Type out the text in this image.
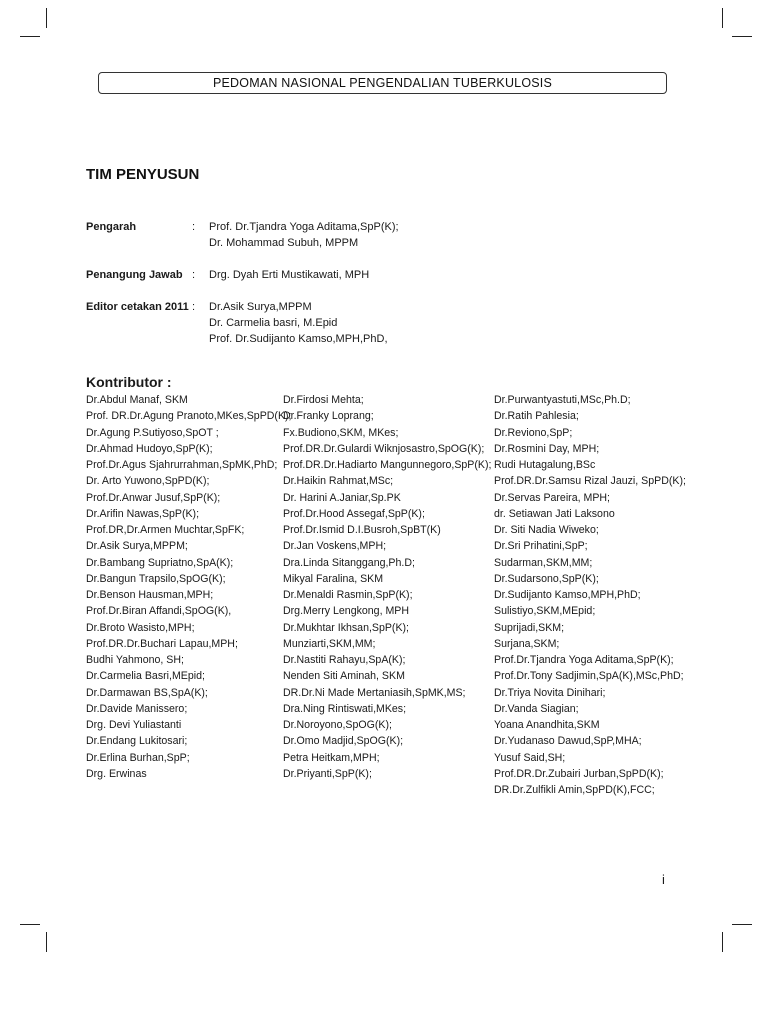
PEDOMAN NASIONAL PENGENDALIAN TUBERKULOSIS
TIM PENYUSUN
Pengarah	: Prof. Dr.Tjandra Yoga Aditama,SpP(K);
Dr. Mohammad Subuh, MPPM
Penangung Jawab : Drg. Dyah Erti Mustikawati, MPH
Editor cetakan 2011 : Dr.Asik Surya,MPPM
Dr. Carmelia basri, M.Epid
Prof. Dr.Sudijanto Kamso,MPH,PhD,
Kontributor :
Dr.Abdul Manaf, SKM
Prof. DR.Dr.Agung Pranoto,MKes,SpPD(K);
Dr.Agung P.Sutiyoso,SpOT ;
Dr.Ahmad Hudoyo,SpP(K);
Prof.Dr.Agus Sjahrurrahman,SpMK,PhD;
Dr. Arto Yuwono,SpPD(K);
Prof.Dr.Anwar Jusuf,SpP(K);
Dr.Arifin Nawas,SpP(K);
Prof.DR,Dr.Armen Muchtar,SpFK;
Dr.Asik Surya,MPPM;
Dr.Bambang Supriatno,SpA(K);
Dr.Bangun Trapsilo,SpOG(K);
Dr.Benson Hausman,MPH;
Prof.Dr.Biran Affandi,SpOG(K),
Dr.Broto Wasisto,MPH;
Prof.DR.Dr.Buchari Lapau,MPH;
Budhi Yahmono, SH;
Dr.Carmelia Basri,MEpid;
Dr.Darmawan BS,SpA(K);
Dr.Davide Manissero;
Drg. Devi Yuliastanti
Dr.Endang Lukitosari;
Dr.Erlina Burhan,SpP;
Drg. Erwinas
Dr.Firdosi Mehta;
Dr.Franky Loprang;
Fx.Budiono,SKM, MKes;
Prof.DR.Dr.Gulardi Wiknjosastro,SpOG(K);
Prof.DR.Dr.Hadiarto Mangunnegoro,SpP(K);
Dr.Haikin Rahmat,MSc;
Dr. Harini A.Janiar,Sp.PK
Prof.Dr.Hood Assegaf,SpP(K);
Prof.Dr.Ismid D.I.Busroh,SpBT(K)
Dr.Jan Voskens,MPH;
Dra.Linda Sitanggang,Ph.D;
Mikyal Faralina, SKM
Dr.Menaldi Rasmin,SpP(K);
Drg.Merry Lengkong, MPH
Dr.Mukhtar Ikhsan,SpP(K);
Munziarti,SKM,MM;
Dr.Nastiti Rahayu,SpA(K);
Nenden Siti Aminah, SKM
DR.Dr.Ni Made Mertaniasih,SpMK,MS;
Dra.Ning Rintiswati,MKes;
Dr.Noroyono,SpOG(K);
Dr.Omo Madjid,SpOG(K);
Petra Heitkam,MPH;
Dr.Priyanti,SpP(K);
Dr.Purwantyastuti,MSc,Ph.D;
Dr.Ratih Pahlesia;
Dr.Reviono,SpP;
Dr.Rosmini Day, MPH;
Rudi Hutagalung,BSc
Prof.DR.Dr.Samsu Rizal Jauzi, SpPD(K);
Dr.Servas Pareira, MPH;
dr. Setiawan Jati Laksono
Dr. Siti Nadia Wiweko;
Dr.Sri Prihatini,SpP;
Sudarman,SKM,MM;
Dr.Sudarsono,SpP(K);
Dr.Sudijanto Kamso,MPH,PhD;
Sulistiyo,SKM,MEpid;
Suprijadi,SKM;
Surjana,SKM;
Prof.Dr.Tjandra Yoga Aditama,SpP(K);
Prof.Dr.Tony Sadjimin,SpA(K),MSc,PhD;
Dr.Triya Novita Dinihari;
Dr.Vanda Siagian;
Yoana Anandhita,SKM
Dr.Yudanaso Dawud,SpP,MHA;
Yusuf Said,SH;
Prof.DR.Dr.Zubairi Jurban,SpPD(K);
DR.Dr.Zulfikli Amin,SpPD(K),FCC;
i
